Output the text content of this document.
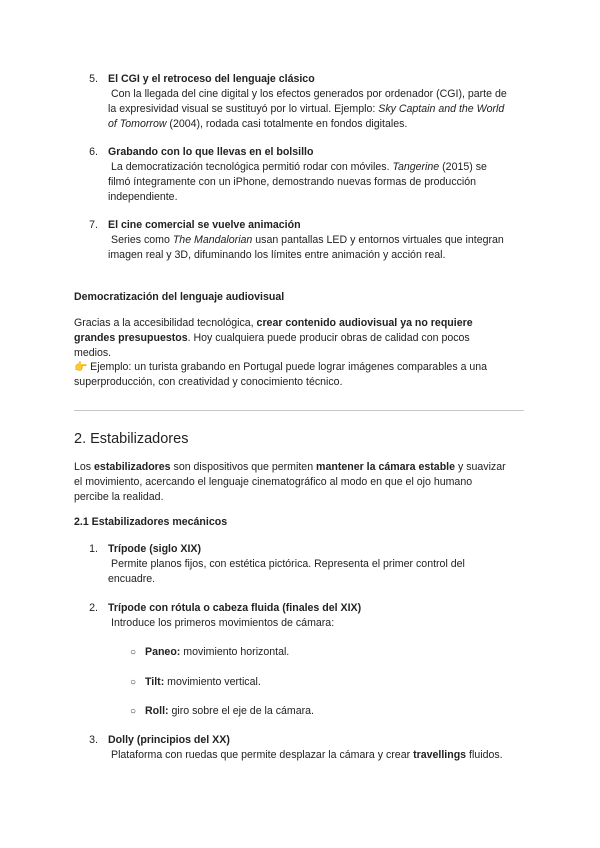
5. El CGI y el retroceso del lenguaje clásico
Con la llegada del cine digital y los efectos generados por ordenador (CGI), parte de
la expresividad visual se sustituyó por lo virtual. Ejemplo: Sky Captain and the World
of Tomorrow (2004), rodada casi totalmente en fondos digitales.
6. Grabando con lo que llevas en el bolsillo
La democratización tecnológica permitió rodar con móviles. Tangerine (2015) se
filmó íntegramente con un iPhone, demostrando nuevas formas de producción
independiente.
7. El cine comercial se vuelve animación
Series como The Mandalorian usan pantallas LED y entornos virtuales que integran
imagen real y 3D, difuminando los límites entre animación y acción real.
Democratización del lenguaje audiovisual
Gracias a la accesibilidad tecnológica, crear contenido audiovisual ya no requiere
grandes presupuestos. Hoy cualquiera puede producir obras de calidad con pocos
medios.
👉 Ejemplo: un turista grabando en Portugal puede lograr imágenes comparables a una
superproducción, con creatividad y conocimiento técnico.
2. Estabilizadores
Los estabilizadores son dispositivos que permiten mantener la cámara estable y suavizar
el movimiento, acercando el lenguaje cinematográfico al modo en que el ojo humano
percibe la realidad.
2.1 Estabilizadores mecánicos
1. Trípode (siglo XIX)
Permite planos fijos, con estética pictórica. Representa el primer control del
encuadre.
2. Trípode con rótula o cabeza fluida (finales del XIX)
Introduce los primeros movimientos de cámara:
○ Paneo: movimiento horizontal.
○ Tilt: movimiento vertical.
○ Roll: giro sobre el eje de la cámara.
3. Dolly (principios del XX)
Plataforma con ruedas que permite desplazar la cámara y crear travellings fluidos.
